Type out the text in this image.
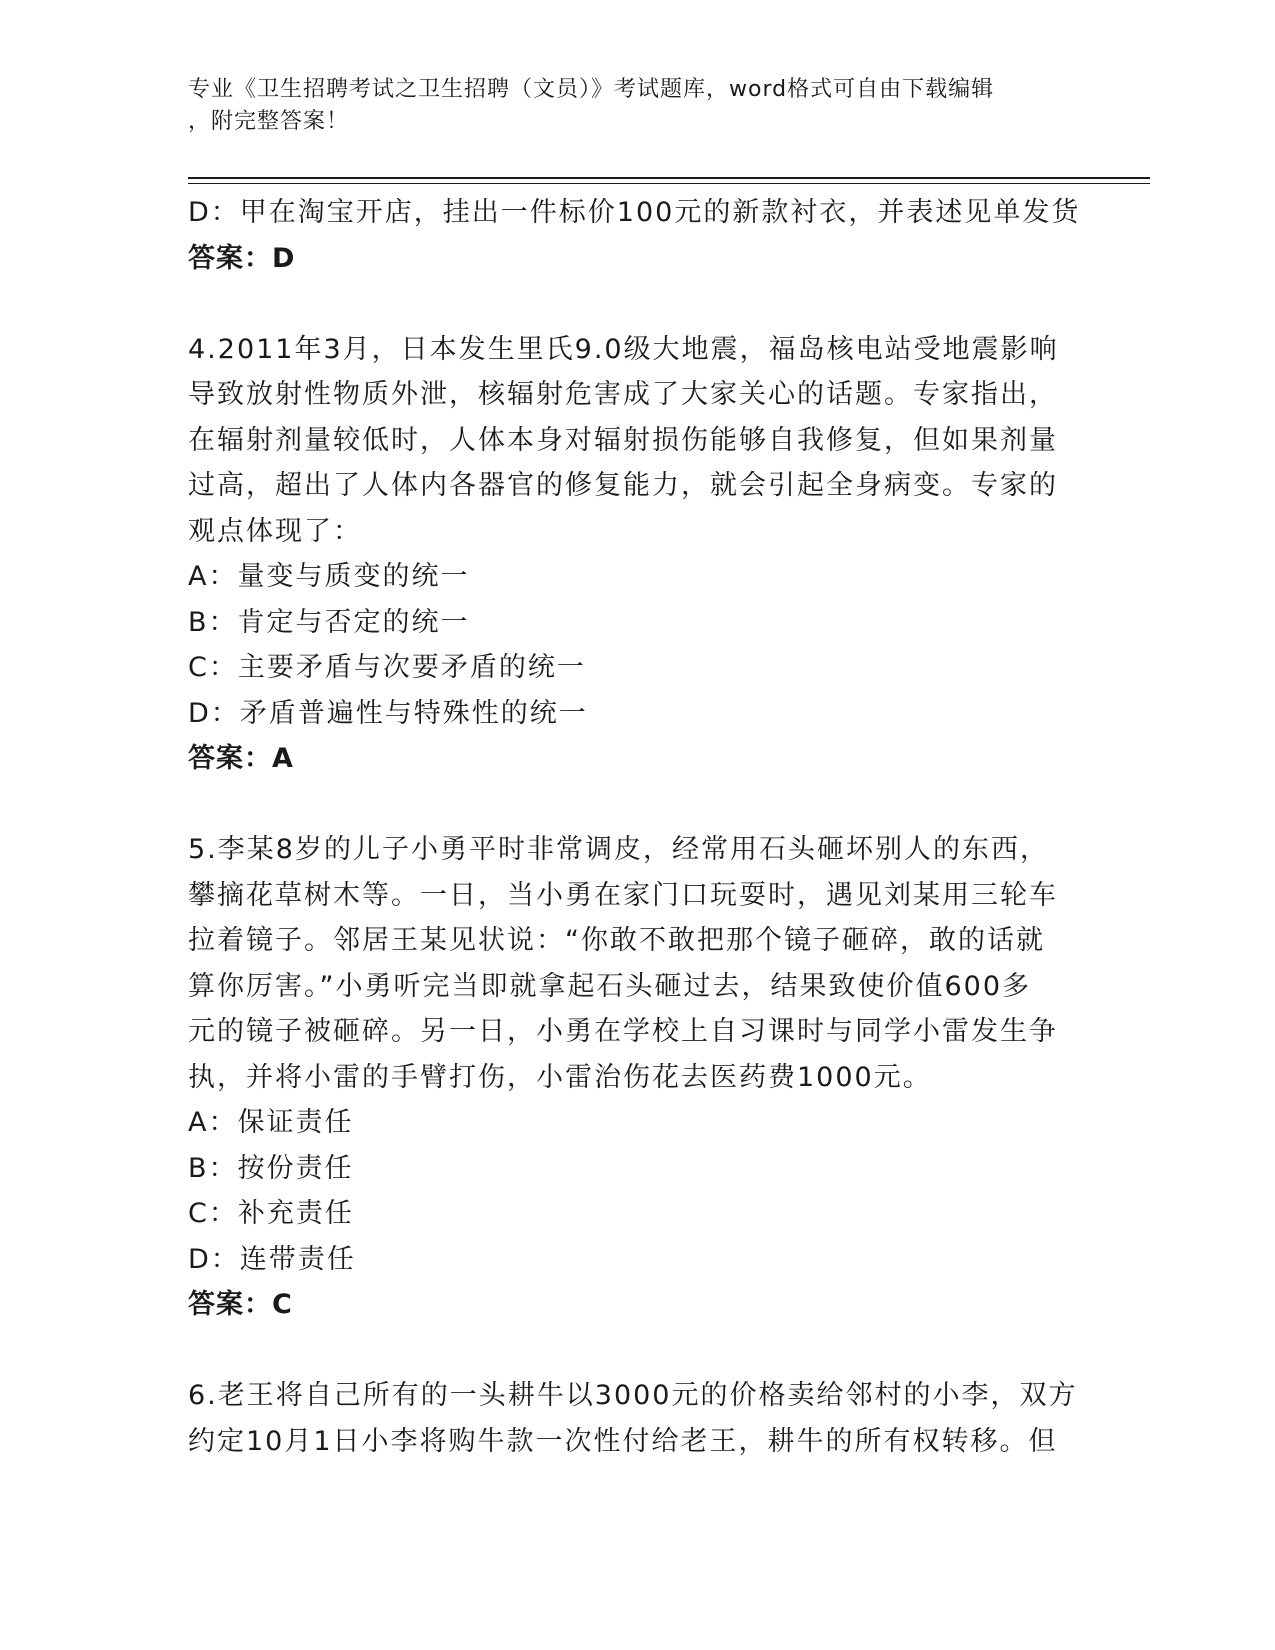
专业《卫生招聘考试之卫生招聘（文员）》考试题库，word格式可自由下载编辑
，附完整答案！
D：甲在淘宝开店，挂出一件标价100元的新款衬衣，并表述见单发货
答案：D
4.2011年3月，日本发生里氏9.0级大地震，福岛核电站受地震影响
导致放射性物质外泄，核辐射危害成了大家关心的话题。专家指出，
在辐射剂量较低时，人体本身对辐射损伤能够自我修复，但如果剂量
过高，超出了人体内各器官的修复能力，就会引起全身病变。专家的
观点体现了：
A：量变与质变的统一
B：肯定与否定的统一
C：主要矛盾与次要矛盾的统一
D：矛盾普遍性与特殊性的统一
答案：A
5.李某8岁的儿子小勇平时非常调皮，经常用石头砸坏别人的东西，
攀摘花草树木等。一日，当小勇在家门口玩耍时，遇见刘某用三轮车
拉着镜子。邻居王某见状说：“你敢不敢把那个镜子砸碎，敢的话就
算你厉害。”小勇听完当即就拿起石头砸过去，结果致使价值600多
元的镜子被砸碎。另一日，小勇在学校上自习课时与同学小雷发生争
执，并将小雷的手臂打伤，小雷治伤花去医药费1000元。
A：保证责任
B：按份责任
C：补充责任
D：连带责任
答案：C
6.老王将自己所有的一头耕牛以3000元的价格卖给邻村的小李，双方
约定10月1日小李将购牛款一次性付给老王，耕牛的所有权转移。但
